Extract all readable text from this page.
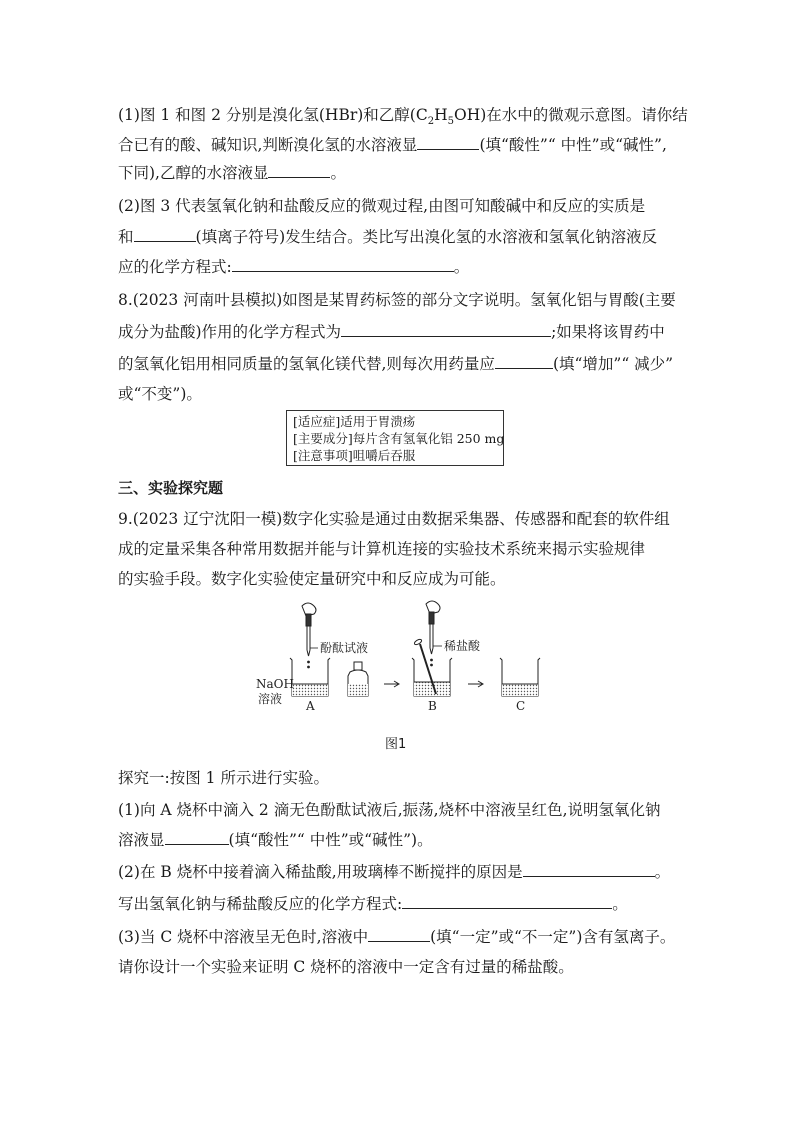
(1)图 1 和图 2 分别是溴化氢(HBr)和乙醇$(C_2H_5OH)$在水中的微观示意图。请你结
合已有的酸、碱知识,判断溴化氢的水溶液显	(填“酸性”“ 中性”或“碱性”,
下同),乙醇的水溶液显	。
(2)图 3 代表氢氧化钠和盐酸反应的微观过程,由图可知酸碱中和反应的实质是
和	(填离子符号)发生结合。类比写出溴化氢的水溶液和氢氧化钠溶液反
应的化学方程式:	。
8.(2023 河南叶县模拟)如图是某胃药标签的部分文字说明。氢氧化铝与胃酸(主要
成分为盐酸)作用的化学方程式为	;如果将该胃药中
的氢氧化铝用相同质量的氢氧化镁代替,则每次用药量应	(填“增加”“ 减少”
或“不变”)。
[适应症]适用于胃溃疡
[主要成分]每片含有氢氧化铝 250 mg
[注意事项]咀嚼后吞服
三、实验探究题
9.(2023 辽宁沈阳一模)数字化实验是通过由数据采集器、传感器和配套的软件组
成的定量采集各种常用数据并能与计算机连接的实验技术系统来揭示实验规律
的实验手段。数字化实验使定量研究中和反应成为可能。
酚酞试液	稀盐酸
NaOH
溶液 A	B	C
图1
探究一:按图 1 所示进行实验。
(1)向 A 烧杯中滴入 2 滴无色酚酞试液后,振荡,烧杯中溶液呈红色,说明氢氧化钠
溶液显	(填“酸性”“ 中性”或“碱性”)。
(2)在 B 烧杯中接着滴入稀盐酸,用玻璃棒不断搅拌的原因是	。
写出氢氧化钠与稀盐酸反应的化学方程式:	。
(3)当 C 烧杯中溶液呈无色时,溶液中	(填“一定”或“不一定”)含有氢离子。
请你设计一个实验来证明 C 烧杯的溶液中一定含有过量的稀盐酸。
